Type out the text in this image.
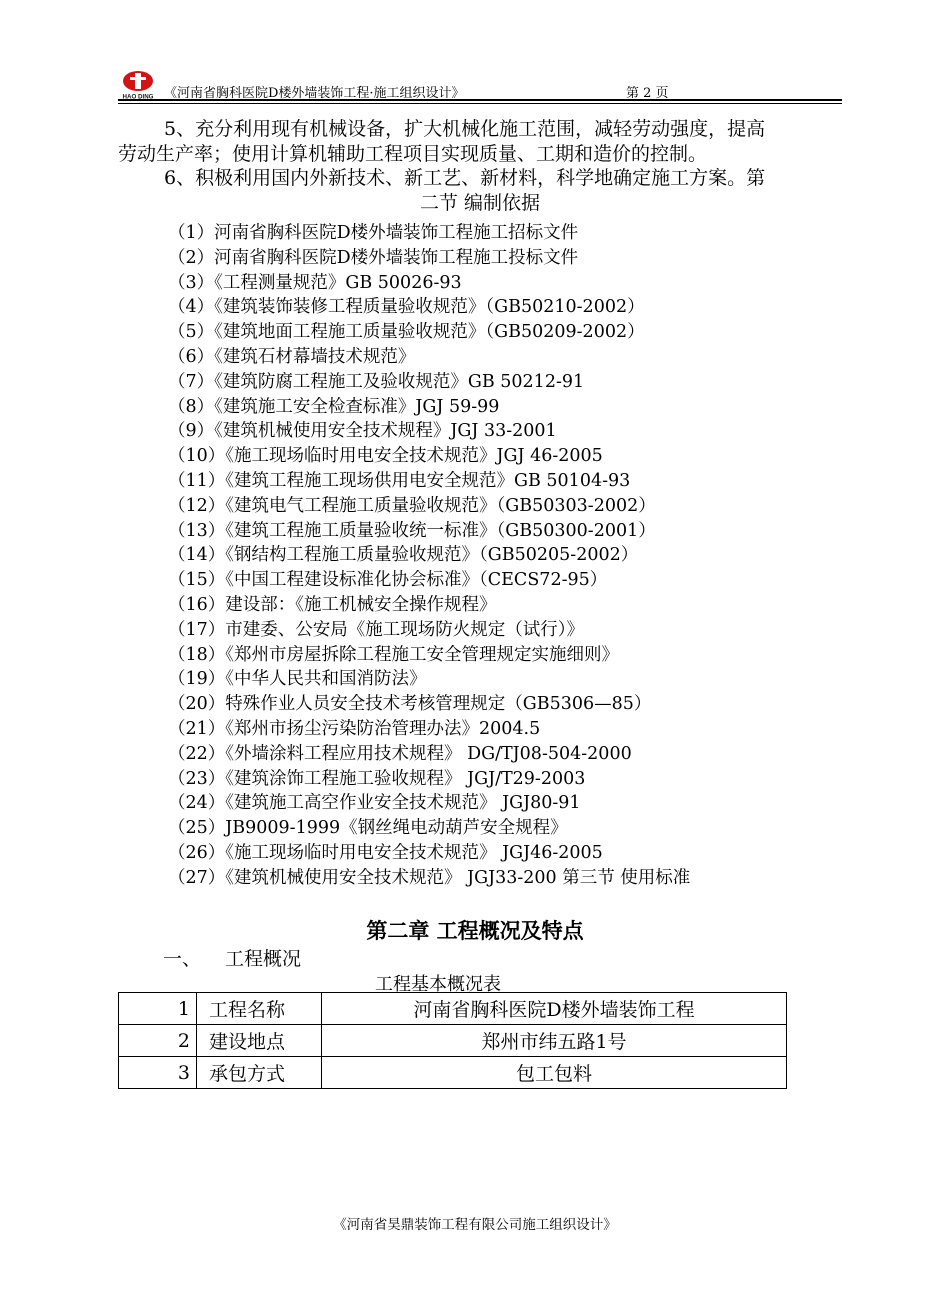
HAO DING 《河南省胸科医院D楼外墙装饰工程·施工组织设计》	第 2 页

5、充分利用现有机械设备，扩大机械化施工范围，减轻劳动强度，提高

劳动生产率；使用计算机辅助工程项目实现质量、工期和造价的控制。

6、积极利用国内外新技术、新工艺、新材料，科学地确定施工方案。第

二节 编制依据

（1）河南省胸科医院D楼外墙装饰工程施工招标文件
（2）河南省胸科医院D楼外墙装饰工程施工投标文件
（3）《工程测量规范》GB 50026-93
（4）《建筑装饰装修工程质量验收规范》（GB50210-2002）
（5）《建筑地面工程施工质量验收规范》（GB50209-2002）
（6）《建筑石材幕墙技术规范》
（7）《建筑防腐工程施工及验收规范》GB 50212-91
（8）《建筑施工安全检查标准》JGJ 59-99
（9）《建筑机械使用安全技术规程》JGJ 33-2001
（10）《施工现场临时用电安全技术规范》JGJ 46-2005
（11）《建筑工程施工现场供用电安全规范》GB 50104-93
（12）《建筑电气工程施工质量验收规范》（GB50303-2002）
（13）《建筑工程施工质量验收统一标准》（GB50300-2001）
（14）《钢结构工程施工质量验收规范》（GB50205-2002）
（15）《中国工程建设标准化协会标准》（CECS72-95）
（16）建设部：《施工机械安全操作规程》
（17）市建委、公安局《施工现场防火规定（试行）》
（18）《郑州市房屋拆除工程施工安全管理规定实施细则》
（19）《中华人民共和国消防法》
（20）特殊作业人员安全技术考核管理规定（GB5306—85）
（21）《郑州市扬尘污染防治管理办法》2004.5
（22）《外墙涂料工程应用技术规程》 DG/TJ08-504-2000
（23）《建筑涂饰工程施工验收规程》 JGJ/T29-2003
（24）《建筑施工高空作业安全技术规范》 JGJ80-91
（25）JB9009-1999《钢丝绳电动葫芦安全规程》
（26）《施工现场临时用电安全技术规范》 JGJ46-2005
（27）《建筑机械使用安全技术规范》 JGJ33-200 第三节 使用标准
第二章 工程概况及特点
一、 工程概况
工程基本概况表
1	工程名称	河南省胸科医院D楼外墙装饰工程
2	建设地点	郑州市纬五路1号
3	承包方式	包工包料
《河南省昊鼎装饰工程有限公司施工组织设计》
